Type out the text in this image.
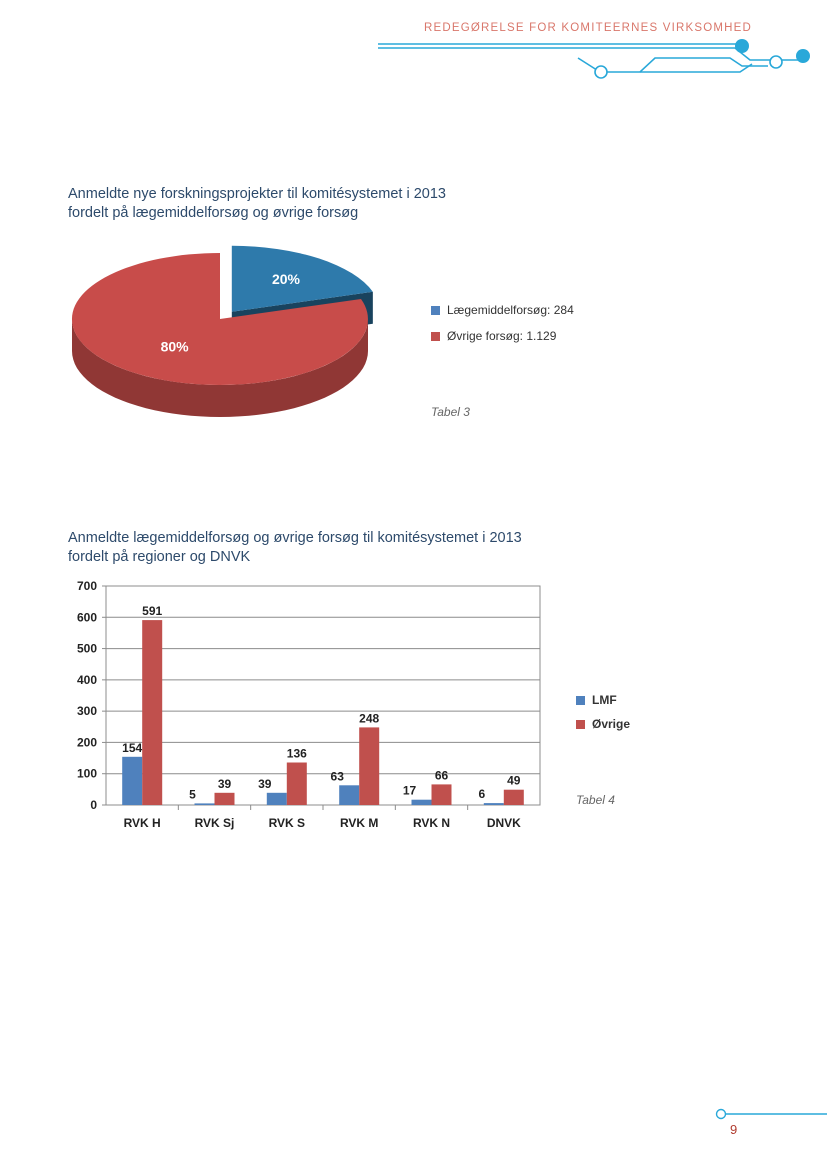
REDEGØRELSE FOR KOMITEERNES VIRKSOMHED
Anmeldte nye forskningsprojekter til komitésystemet i 2013
fordelt på lægemiddelforsøg og øvrige forsøg
20%
80%
Lægemiddelforsøg: 284
Øvrige forsøg: 1.129
Tabel 3
Anmeldte lægemiddelforsøg og øvrige forsøg til komitésystemet i 2013
fordelt på regioner og DNVK
0
100
200
300
400
500
600
700
RVK H
154
591
RVK Sj
5
39
RVK S
39
136
RVK M
63
248
RVK N
17
66
DNVK
6
49
LMF
Øvrige
Tabel 4
9
